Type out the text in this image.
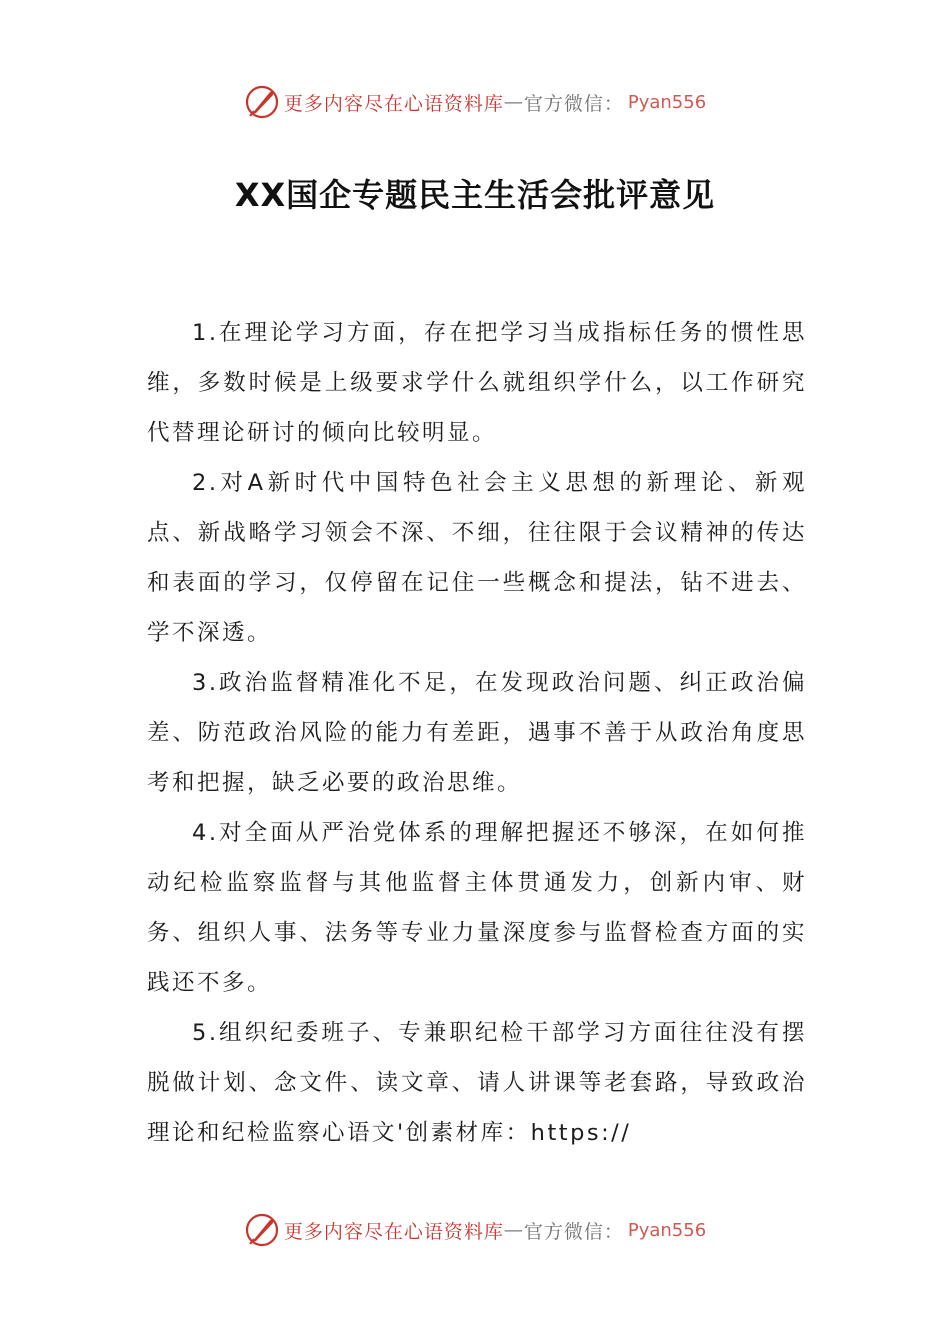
更多内容尽在心语资料库 — 官方微信： Pyan556
XX国企专题民主生活会批评意见

1.在理论学习方面，存在把学习当成指标任务的惯性思维，多数时候是上级要求学什么就组织学什么，以工作研究代替理论研讨的倾向比较明显。

2.对A新时代中国特色社会主义思想的新理论、新观点、新战略学习领会不深、不细，往往限于会议精神的传达和表面的学习，仅停留在记住一些概念和提法，钻不进去、学不深透。

3.政治监督精准化不足，在发现政治问题、纠正政治偏差、防范政治风险的能力有差距，遇事不善于从政治角度思考和把握，缺乏必要的政治思维。

4.对全面从严治党体系的理解把握还不够深，在如何推动纪检监察监督与其他监督主体贯通发力，创新内审、财务、组织人事、法务等专业力量深度参与监督检查方面的实践还不多。

5.组织纪委班子、专兼职纪检干部学习方面往往没有摆脱做计划、念文件、读文章、请人讲课等老套路，导致政治理论和纪检监察心语文'创素材库：https://

更多内容尽在心语资料库 — 官方微信： Pyan556
